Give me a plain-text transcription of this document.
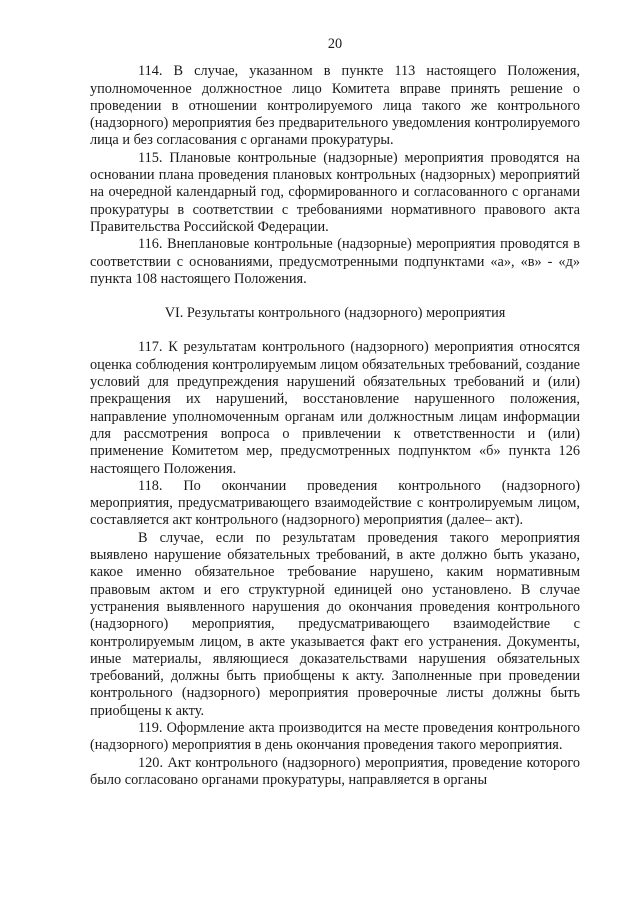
20

114. В случае, указанном в пункте 113 настоящего Положения, уполномоченное должностное лицо Комитета вправе принять решение о проведении в отношении контролируемого лица такого же контрольного (надзорного) мероприятия без предварительного уведомления контролируемого лица и без согласования с органами прокуратуры.

115. Плановые контрольные (надзорные) мероприятия проводятся на основании плана проведения плановых контрольных (надзорных) мероприятий на очередной календарный год, сформированного и согласованного с органами прокуратуры в соответствии с требованиями нормативного правового акта Правительства Российской Федерации.

116. Внеплановые контрольные (надзорные) мероприятия проводятся в соответствии с основаниями, предусмотренными подпунктами «а», «в» - «д» пункта 108 настоящего Положения.

VI. Результаты контрольного (надзорного) мероприятия

117. К результатам контрольного (надзорного) мероприятия относятся оценка соблюдения контролируемым лицом обязательных требований, создание условий для предупреждения нарушений обязательных требований и (или) прекращения их нарушений, восстановление нарушенного положения, направление уполномоченным органам или должностным лицам информации для рассмотрения вопроса о привлечении к ответственности и (или) применение Комитетом мер, предусмотренных подпунктом «б» пункта 126 настоящего Положения.

118. По окончании проведения контрольного (надзорного) мероприятия, предусматривающего взаимодействие с контролируемым лицом, составляется акт контрольного (надзорного) мероприятия (далее– акт).

В случае, если по результатам проведения такого мероприятия выявлено нарушение обязательных требований, в акте должно быть указано, какое именно обязательное требование нарушено, каким нормативным правовым актом и его структурной единицей оно установлено. В случае устранения выявленного нарушения до окончания проведения контрольного (надзорного) мероприятия, предусматривающего взаимодействие с контролируемым лицом, в акте указывается факт его устранения. Документы, иные материалы, являющиеся доказательствами нарушения обязательных требований, должны быть приобщены к акту. Заполненные при проведении контрольного (надзорного) мероприятия проверочные листы должны быть приобщены к акту.

119. Оформление акта производится на месте проведения контрольного (надзорного) мероприятия в день окончания проведения такого мероприятия.

120. Акт контрольного (надзорного) мероприятия, проведение которого было согласовано органами прокуратуры, направляется в органы
